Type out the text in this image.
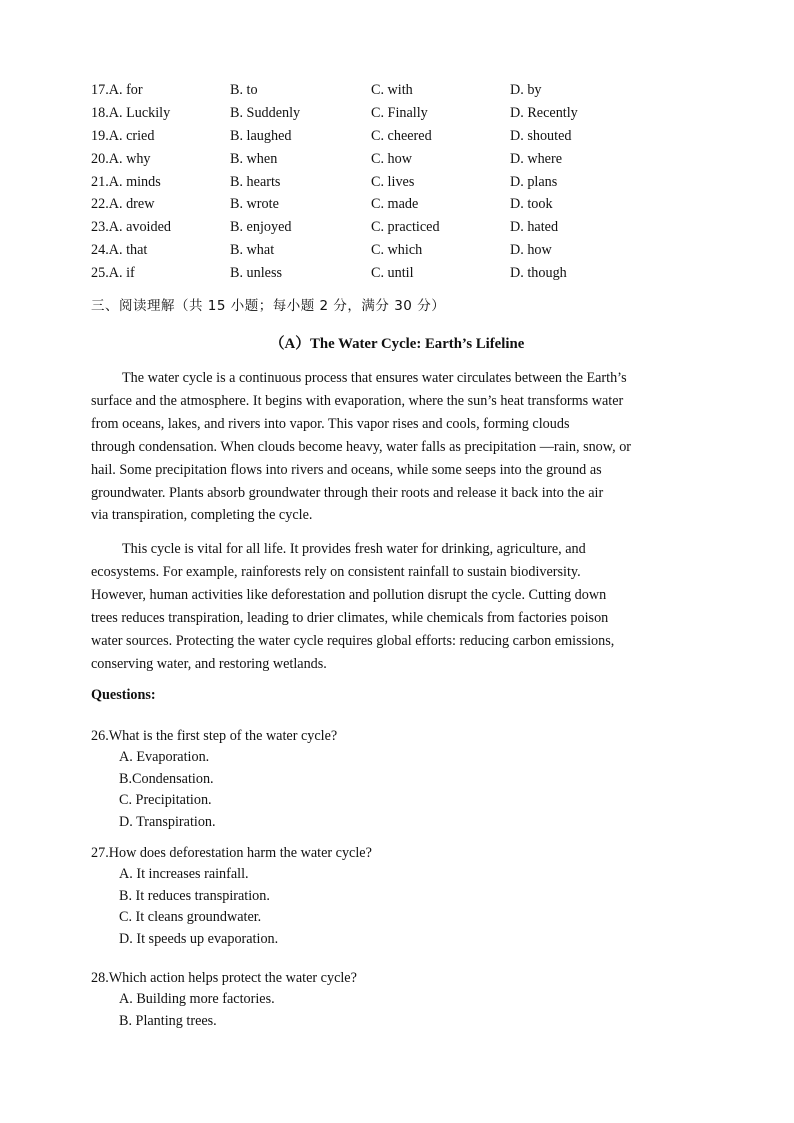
17.A. for	B. to	C. with	D. by
18.A. Luckily	B. Suddenly	C. Finally	D. Recently
19.A. cried	B. laughed	C. cheered	D. shouted
20.A. why	B. when	C. how	D. where
21.A. minds	B. hearts	C. lives	D. plans
22.A. drew	B. wrote	C. made	D. took
23.A. avoided	B. enjoyed	C. practiced	D. hated
24.A. that	B. what	C. which	D. how
25.A. if	B. unless	C. until	D. though
三、阅读理解（共 15 小题；每小题 2 分，满分 30 分）
（A）The Water Cycle: Earth’s Lifeline
The water cycle is a continuous process that ensures water circulates between the Earth’s
surface and the atmosphere. It begins with evaporation, where the sun’s heat transforms water
from oceans, lakes, and rivers into vapor. This vapor rises and cools, forming clouds
through condensation. When clouds become heavy, water falls as precipitation —rain, snow, or
hail. Some precipitation flows into rivers and oceans, while some seeps into the ground as
groundwater. Plants absorb groundwater through their roots and release it back into the air
via transpiration, completing the cycle.
This cycle is vital for all life. It provides fresh water for drinking, agriculture, and
ecosystems. For example, rainforests rely on consistent rainfall to sustain biodiversity.
However, human activities like deforestation and pollution disrupt the cycle. Cutting down
trees reduces transpiration, leading to drier climates, while chemicals from factories poison
water sources. Protecting the water cycle requires global efforts: reducing carbon emissions,
conserving water, and restoring wetlands.
Questions:
26.What is the first step of the water cycle?
A. Evaporation.
B.Condensation.
C. Precipitation.
D. Transpiration.
27.How does deforestation harm the water cycle?
A. It increases rainfall.
B. It reduces transpiration.
C. It cleans groundwater.
D. It speeds up evaporation.
28.Which action helps protect the water cycle?
A. Building more factories.
B. Planting trees.
